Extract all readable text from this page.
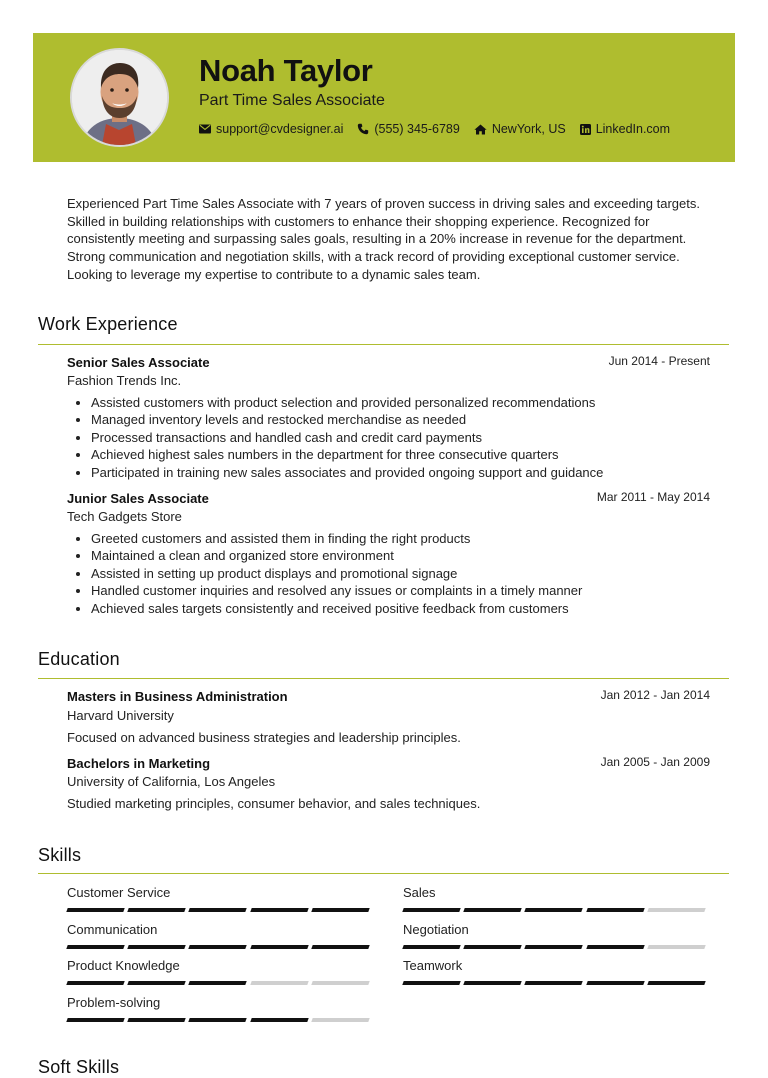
Noah Taylor
Part Time Sales Associate
support@cvdesigner.ai (555) 345-6789	NewYork, US LinkedIn.com
Experienced Part Time Sales Associate with 7 years of proven success in driving sales and exceeding targets. Skilled in building relationships with customers to enhance their shopping experience. Recognized for consistently meeting and surpassing sales goals, resulting in a 20% increase in revenue for the department. Strong communication and negotiation skills, with a track record of providing exceptional customer service. Looking to leverage my expertise to contribute to a dynamic sales team.
Work Experience
Senior Sales Associate	Jun 2014 - Present
Fashion Trends Inc.
• Assisted customers with product selection and provided personalized recommendations
• Managed inventory levels and restocked merchandise as needed
• Processed transactions and handled cash and credit card payments
• Achieved highest sales numbers in the department for three consecutive quarters
• Participated in training new sales associates and provided ongoing support and guidance
Junior Sales Associate	Mar 2011 - May 2014
Tech Gadgets Store
• Greeted customers and assisted them in finding the right products
• Maintained a clean and organized store environment
• Assisted in setting up product displays and promotional signage
• Handled customer inquiries and resolved any issues or complaints in a timely manner
• Achieved sales targets consistently and received positive feedback from customers
Education
Masters in Business Administration	Jan 2012 - Jan 2014
Harvard University
Focused on advanced business strategies and leadership principles.
Bachelors in Marketing	Jan 2005 - Jan 2009
University of California, Los Angeles
Studied marketing principles, consumer behavior, and sales techniques.
Skills
Customer Service	Sales
Communication	Negotiation
Product Knowledge	Teamwork
Problem-solving
Soft Skills
